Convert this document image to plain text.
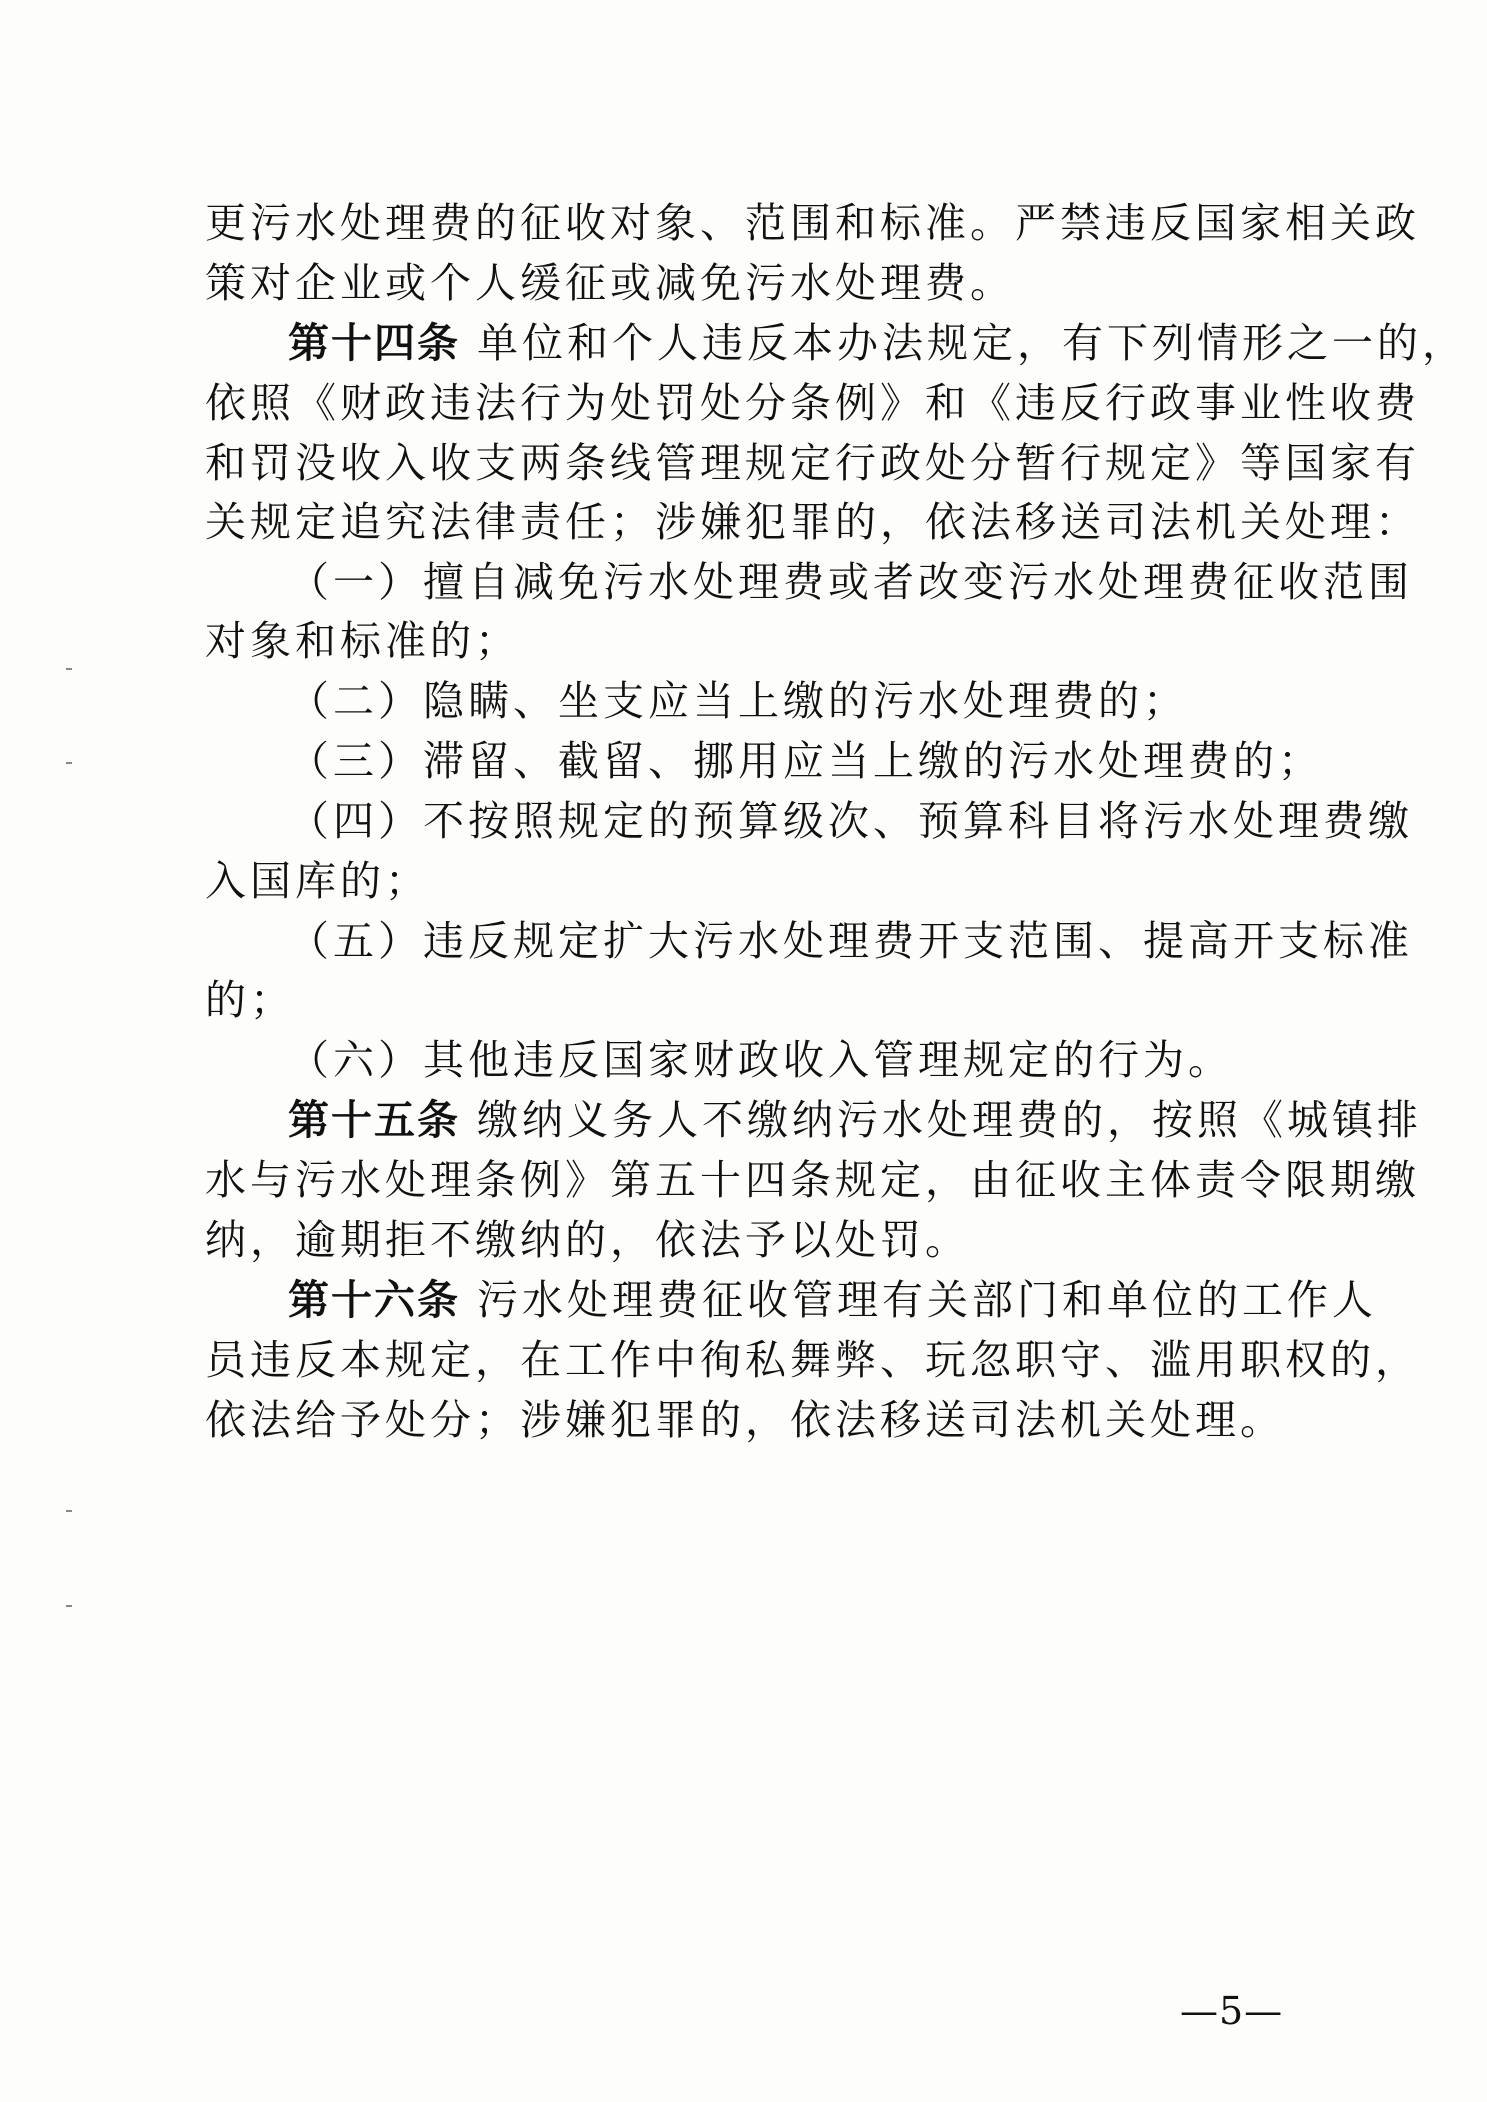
更污水处理费的征收对象、范围和标准。严禁违反国家相关政
策对企业或个人缓征或减免污水处理费。
第十四条 单位和个人违反本办法规定，有下列情形之一的，
依照《财政违法行为处罚处分条例》和《违反行政事业性收费
和罚没收入收支两条线管理规定行政处分暂行规定》等国家有
关规定追究法律责任；涉嫌犯罪的，依法移送司法机关处理：
（一）擅自减免污水处理费或者改变污水处理费征收范围
对象和标准的；
（二）隐瞒、坐支应当上缴的污水处理费的；
（三）滞留、截留、挪用应当上缴的污水处理费的；
（四）不按照规定的预算级次、预算科目将污水处理费缴
入国库的；
（五）违反规定扩大污水处理费开支范围、提高开支标准
的；
（六）其他违反国家财政收入管理规定的行为。
第十五条 缴纳义务人不缴纳污水处理费的，按照《城镇排
水与污水处理条例》第五十四条规定，由征收主体责令限期缴
纳，逾期拒不缴纳的，依法予以处罚。
第十六条 污水处理费征收管理有关部门和单位的工作人
员违反本规定，在工作中徇私舞弊、玩忽职守、滥用职权的，
依法给予处分；涉嫌犯罪的，依法移送司法机关处理。
—5—
